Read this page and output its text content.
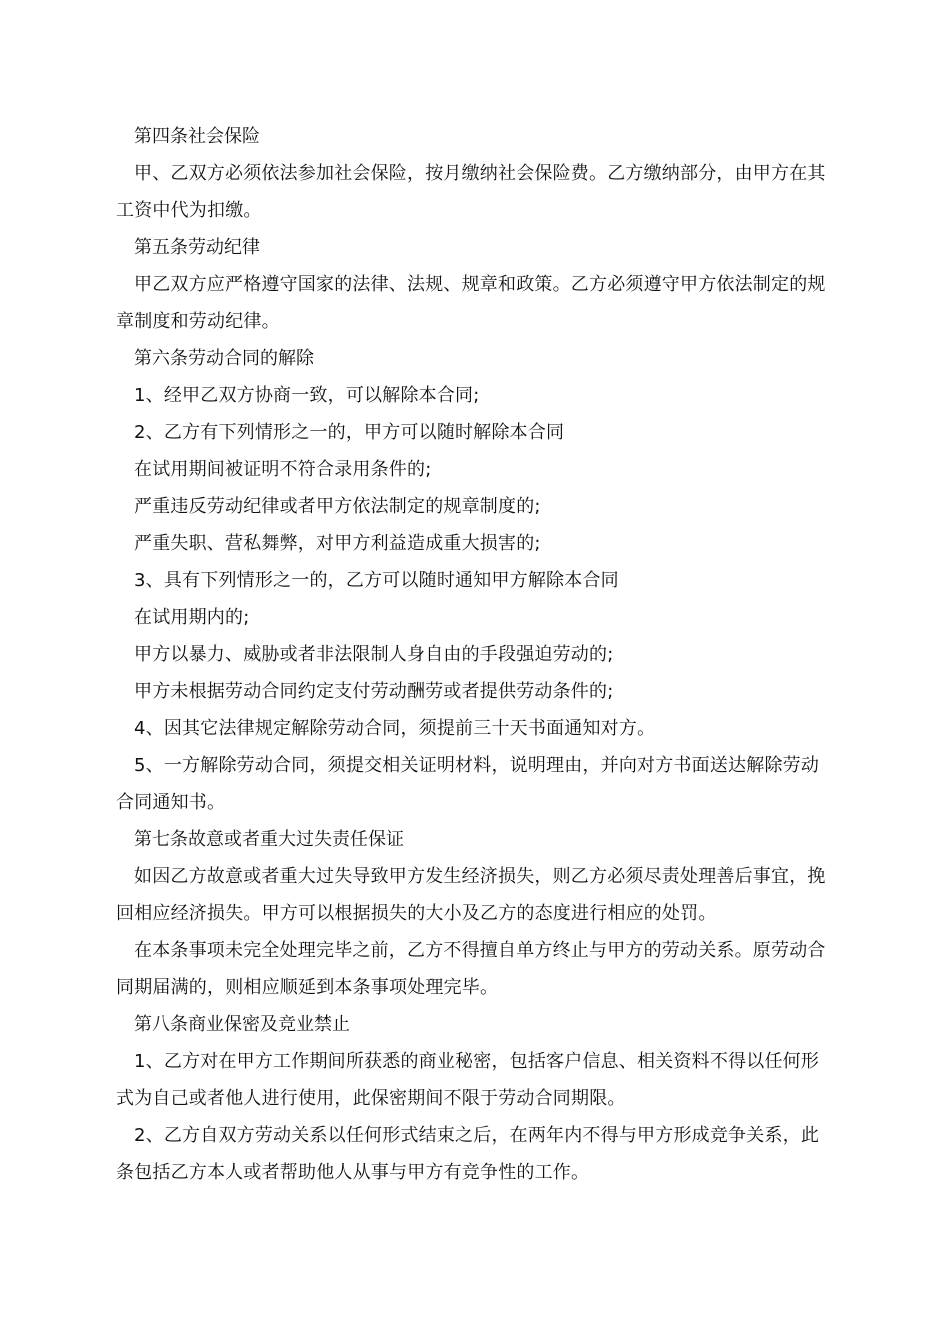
第四条社会保险

甲、乙双方必须依法参加社会保险，按月缴纳社会保险费。乙方缴纳部分，由甲方在其工资中代为扣缴。

第五条劳动纪律

甲乙双方应严格遵守国家的法律、法规、规章和政策。乙方必须遵守甲方依法制定的规章制度和劳动纪律。

第六条劳动合同的解除

1、经甲乙双方协商一致，可以解除本合同;

2、乙方有下列情形之一的，甲方可以随时解除本合同

在试用期间被证明不符合录用条件的;

严重违反劳动纪律或者甲方依法制定的规章制度的;

严重失职、营私舞弊，对甲方利益造成重大损害的;

3、具有下列情形之一的，乙方可以随时通知甲方解除本合同

在试用期内的;

甲方以暴力、威胁或者非法限制人身自由的手段强迫劳动的;

甲方未根据劳动合同约定支付劳动酬劳或者提供劳动条件的;

4、因其它法律规定解除劳动合同，须提前三十天书面通知对方。

5、一方解除劳动合同，须提交相关证明材料，说明理由，并向对方书面送达解除劳动合同通知书。

第七条故意或者重大过失责任保证

如因乙方故意或者重大过失导致甲方发生经济损失，则乙方必须尽责处理善后事宜，挽回相应经济损失。甲方可以根据损失的大小及乙方的态度进行相应的处罚。

在本条事项未完全处理完毕之前，乙方不得擅自单方终止与甲方的劳动关系。原劳动合同期届满的，则相应顺延到本条事项处理完毕。

第八条商业保密及竞业禁止

1、乙方对在甲方工作期间所获悉的商业秘密，包括客户信息、相关资料不得以任何形式为自己或者他人进行使用，此保密期间不限于劳动合同期限。

2、乙方自双方劳动关系以任何形式结束之后，在两年内不得与甲方形成竞争关系，此条包括乙方本人或者帮助他人从事与甲方有竞争性的工作。
